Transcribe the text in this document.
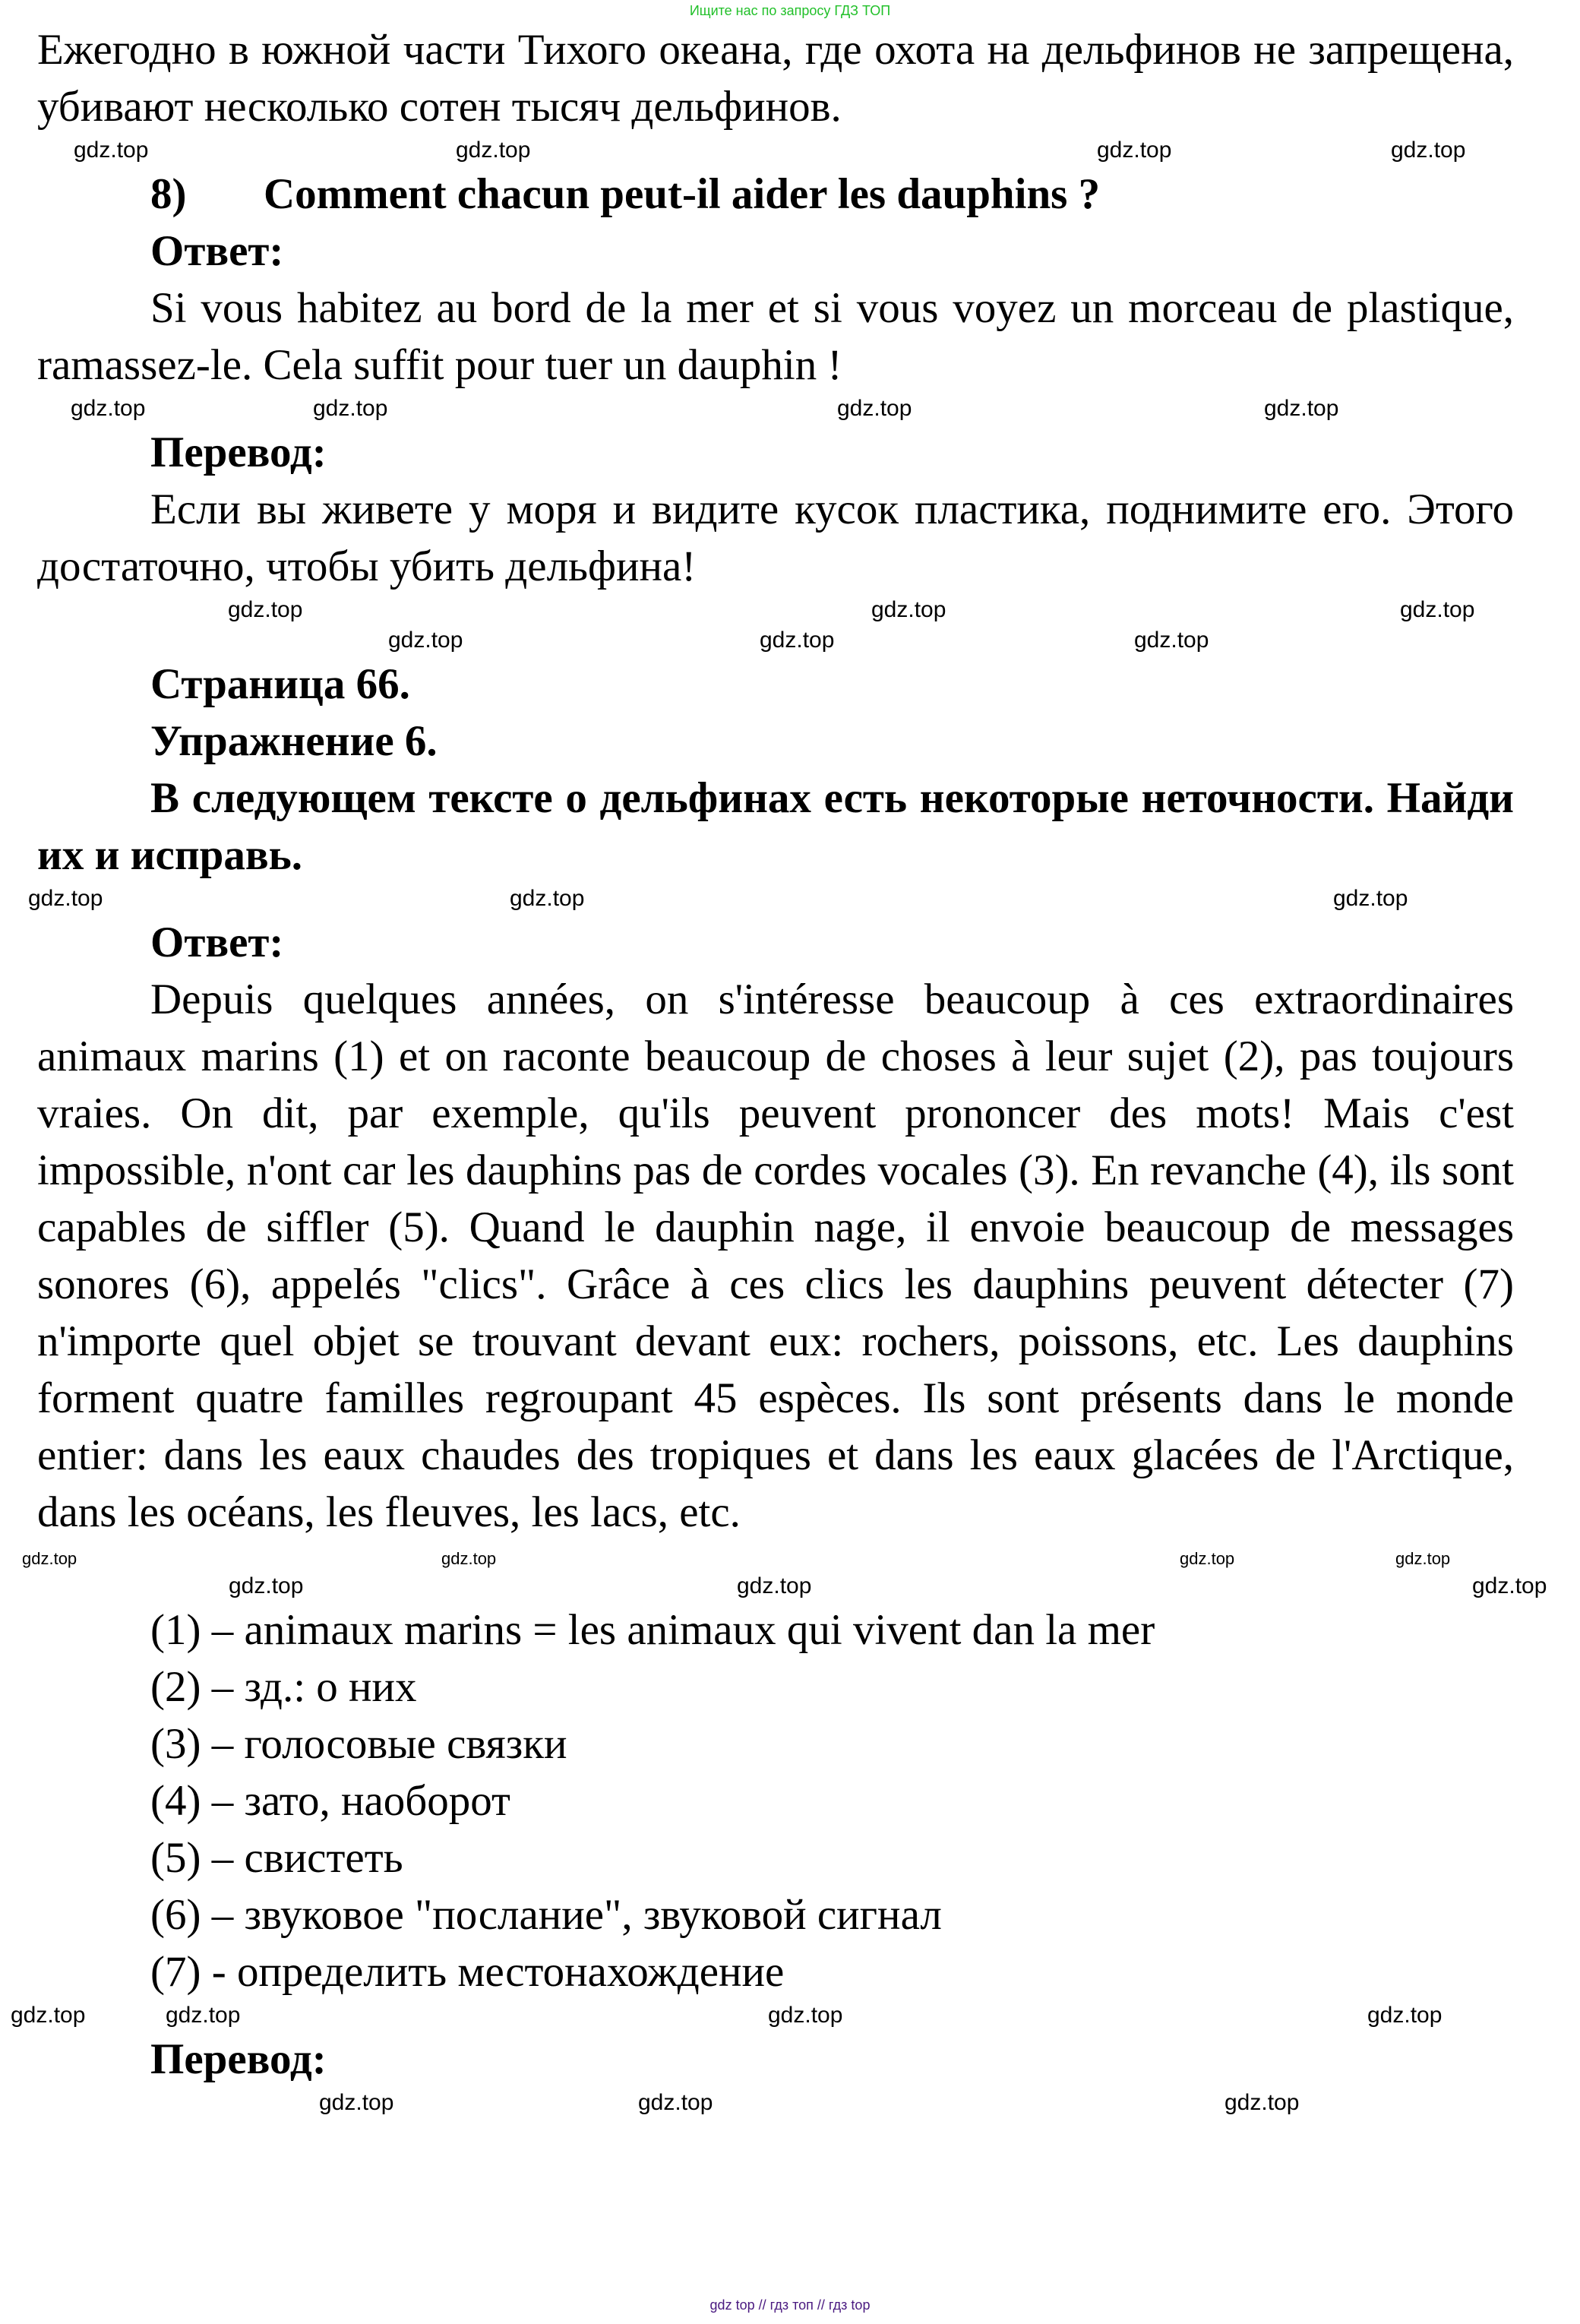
Ищите нас по запросу ГДЗ ТОП
Ежегодно в южной части Тихого океана, где охота на дельфинов не запрещена, убивают несколько сотен тысяч дельфинов.
gdz.top	gdz.top	gdz.top	gdz.top
8) Comment chacun peut-il aider les dauphins ?
Ответ:
Si vous habitez au bord de la mer et si vous voyez un morceau de plastique, ramassez-le. Cela suffit pour tuer un dauphin !
gdz.top	gdz.top	gdz.top	gdz.top
Перевод:
Если вы живете у моря и видите кусок пластика, поднимите его. Этого достаточно, чтобы убить дельфина!
gdz.top	gdz.top
gdz.top
gdz.top	gdz.top
gdz.top
Страница 66.
Упражнение 6.
В следующем тексте о дельфинах есть некоторые неточности. Найди их и исправь.
gdz.top	gdz.top	gdz.top
Ответ:
Depuis quelques années, on s'intéresse beaucoup à ces extraordinaires animaux marins (1) et on raconte beaucoup de choses à leur sujet (2), pas toujours vraies. On dit, par exemple, qu'ils peuvent prononcer des mots! Mais c'est impossible, n'ont car les dauphins pas de cordes vocales (3). En revanche (4), ils sont capables de siffler (5). Quand le dauphin nage, il envoie beaucoup de messages sonores (6), appelés "clics". Grâce à ces clics les dauphins peuvent détecter (7) n'importe quel objet se trouvant devant eux: rochers, poissons, etc. Les dauphins forment quatre familles regroupant 45 espèces. Ils sont présents dans le monde entier: dans les eaux chaudes des tropiques et dans les eaux glacées de l'Arctique, dans les océans, les fleuves, les lacs, etc.
gdz.top	gdz.top	gdz.top	gdz.top
gdz.top	gdz.top	gdz.top
(1) – animaux marins = les animaux qui vivent dan la mer
(2) – зд.: о них
(3) – голосовые связки
(4) – зато, наоборот
(5) – свистеть
(6) – звуковое "послание", звуковой сигнал
(7) - определить местонахождение
gdz.top	gdz.top	gdz.top	gdz.top
Перевод:
gdz.top	gdz.top	gdz.top
gdz top // гдз топ // гдз top
